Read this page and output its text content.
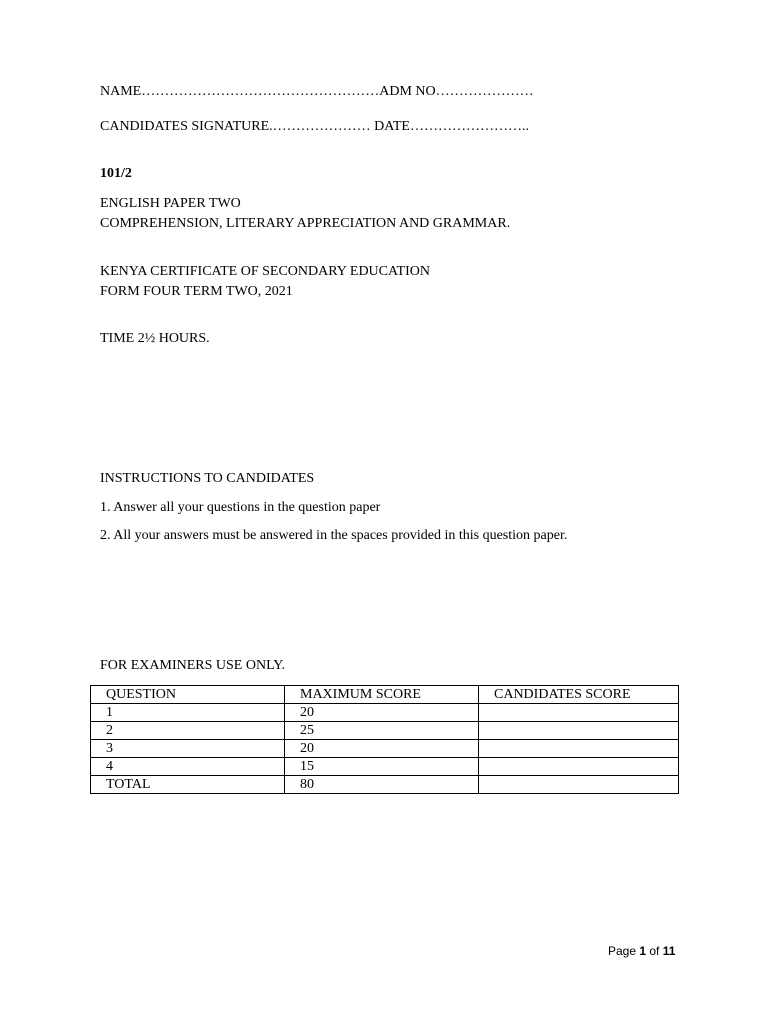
NAME……………………………………………ADM NO…………………
CANDIDATES SIGNATURE.………………… DATE……………………..
101/2
ENGLISH PAPER TWO
COMPREHENSION, LITERARY APPRECIATION AND GRAMMAR.
KENYA CERTIFICATE OF SECONDARY EDUCATION
FORM FOUR TERM TWO, 2021
TIME 2½ HOURS.
INSTRUCTIONS TO CANDIDATES
1. Answer all your questions in the question paper
2. All your answers must be answered in the spaces provided in this question paper.
FOR EXAMINERS USE ONLY.
QUESTION	MAXIMUM SCORE	CANDIDATES SCORE
1	20	
2	25	
3	20	
4	15	
TOTAL	80	
Page 1 of 11
